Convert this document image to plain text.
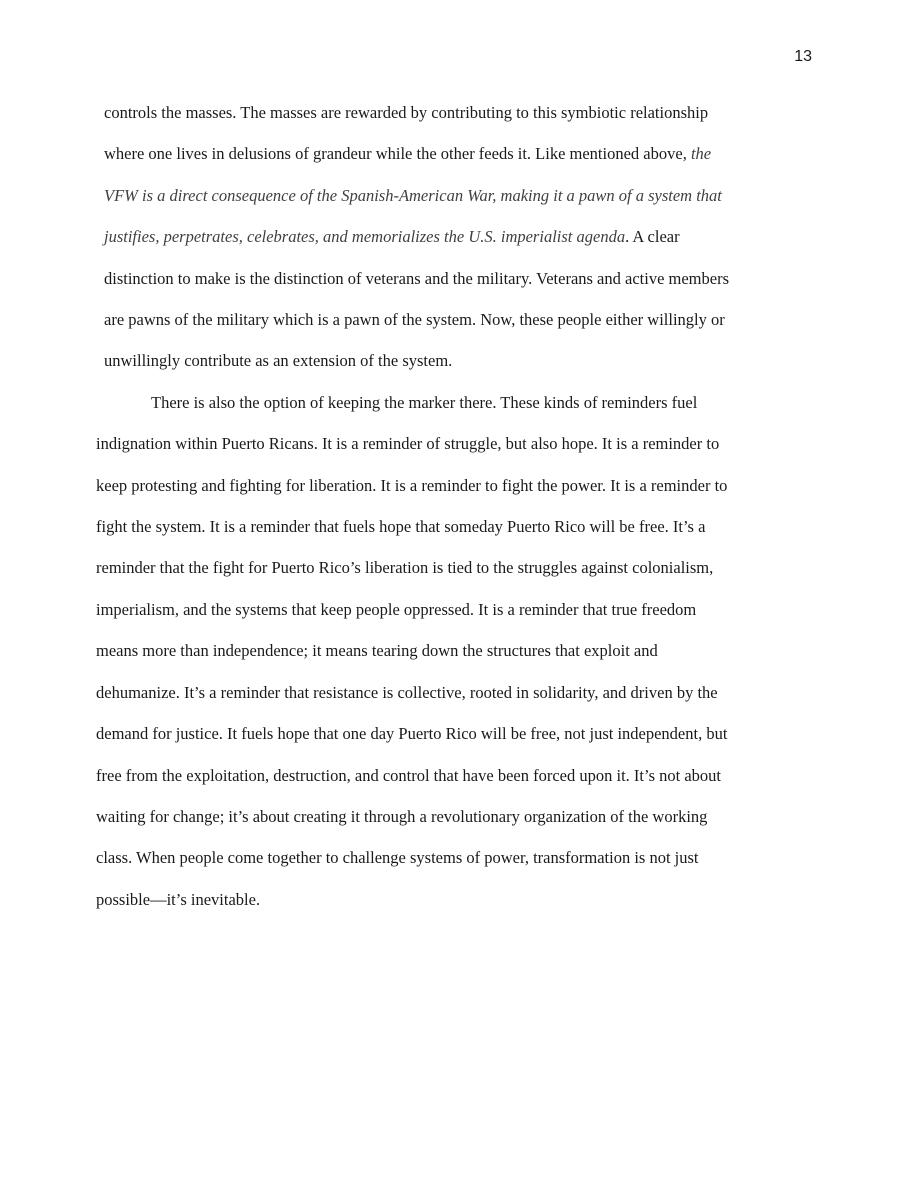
13

controls the masses. The masses are rewarded by contributing to this symbiotic relationship
where one lives in delusions of grandeur while the other feeds it. Like mentioned above, the
VFW is a direct consequence of the Spanish-American War, making it a pawn of a system that
justifies, perpetrates, celebrates, and memorializes the U.S. imperialist agenda. A clear
distinction to make is the distinction of veterans and the military. Veterans and active members
are pawns of the military which is a pawn of the system. Now, these people either willingly or
unwillingly contribute as an extension of the system.

There is also the option of keeping the marker there. These kinds of reminders fuel

indignation within Puerto Ricans. It is a reminder of struggle, but also hope. It is a reminder to
keep protesting and fighting for liberation. It is a reminder to fight the power. It is a reminder to
fight the system. It is a reminder that fuels hope that someday Puerto Rico will be free. It’s a
reminder that the fight for Puerto Rico’s liberation is tied to the struggles against colonialism,
imperialism, and the systems that keep people oppressed. It is a reminder that true freedom
means more than independence; it means tearing down the structures that exploit and
dehumanize. It’s a reminder that resistance is collective, rooted in solidarity, and driven by the
demand for justice. It fuels hope that one day Puerto Rico will be free, not just independent, but
free from the exploitation, destruction, and control that have been forced upon it. It’s not about
waiting for change; it’s about creating it through a revolutionary organization of the working
class. When people come together to challenge systems of power, transformation is not just
possible—it’s inevitable.
